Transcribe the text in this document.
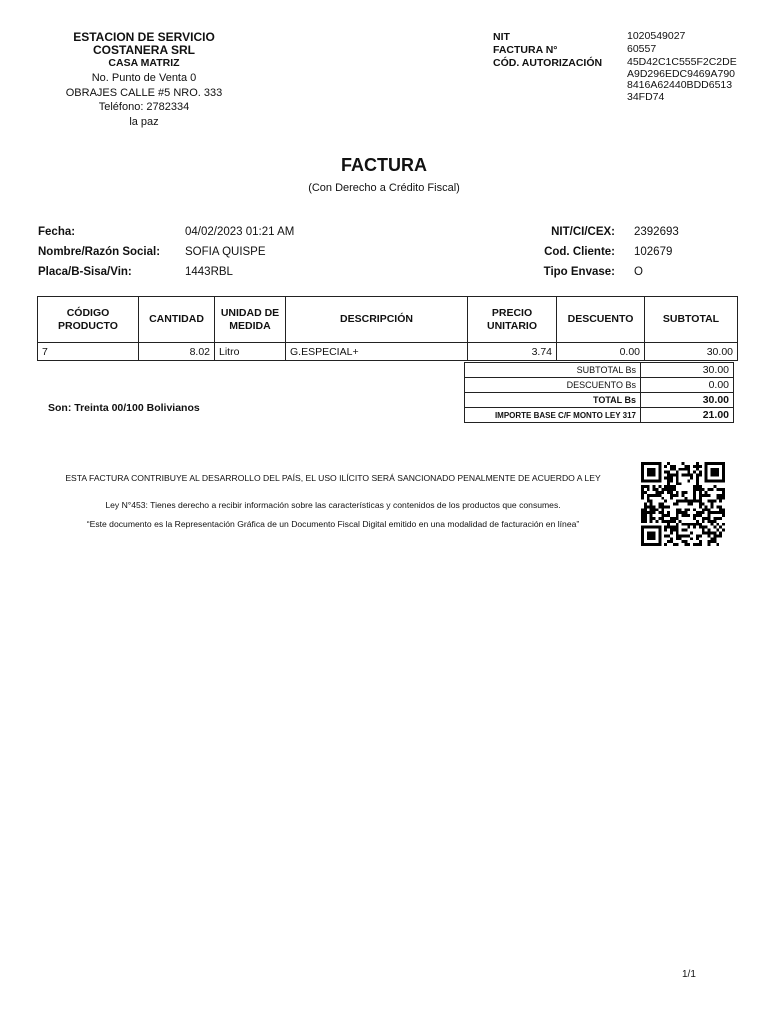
ESTACION DE SERVICIO
COSTANERA SRL
CASA MATRIZ
No. Punto de Venta 0
OBRAJES CALLE #5 NRO. 333
Teléfono: 2782334
la paz
NIT	1020549027
FACTURA N°	60557
CÓD. AUTORIZACIÓN	45D42C1C555F2C2DEA9D296EDC9469A7908416A62440BDD651334FD74
FACTURA
(Con Derecho a Crédito Fiscal)
Fecha:	04/02/2023 01:21 AM
Nombre/Razón Social:	SOFIA QUISPE
Placa/B-Sisa/Vin:	1443RBL
NIT/CI/CEX:	2392693
Cod. Cliente:	102679
Tipo Envase:	O
CÓDIGO PRODUCTO	CANTIDAD	UNIDAD DE MEDIDA	DESCRIPCIÓN	PRECIO UNITARIO	DESCUENTO	SUBTOTAL
7	8.02	Litro	G.ESPECIAL+	3.74	0.00	30.00
SUBTOTAL Bs	30.00
DESCUENTO Bs	0.00
TOTAL Bs	30.00
IMPORTE BASE C/F MONTO LEY 317	21.00
Son: Treinta 00/100 Bolivianos
ESTA FACTURA CONTRIBUYE AL DESARROLLO DEL PAÍS, EL USO ILÍCITO SERÁ SANCIONADO PENALMENTE DE ACUERDO A LEY
Ley N°453: Tienes derecho a recibir información sobre las características y contenidos de los productos que consumes.
“Este documento es la Representación Gráfica de un Documento Fiscal Digital emitido en una modalidad de facturación en línea”
1/1
